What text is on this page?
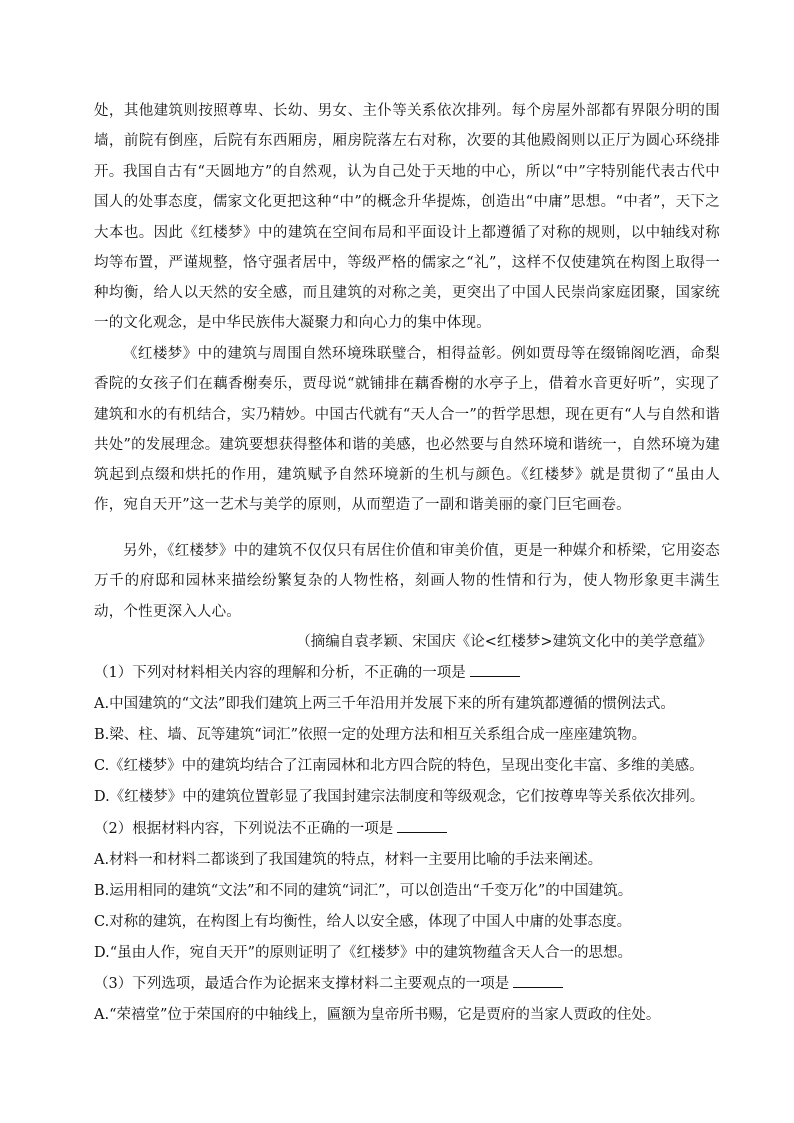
处，其他建筑则按照尊卑、长幼、男女、主仆等关系依次排列。每个房屋外部都有界限分明的围墙，前院有倒座，后院有东西厢房，厢房院落左右对称，次要的其他殿阁则以正厅为圆心环绕排开。 我国自古有“天圆地方”的自然观，认为自己处于天地的中心，所以“中”字特别能代表古代中国人的处事态度，儒家文化更把这种“中”的概念升华提炼，创造出“中庸”思想。“中者”，天下之大本也。因此《红楼梦》中的建筑在空间布局和平面设计上都遵循了对称的规则，以中轴线对称均等布置，严谨规整，恪守强者居中，等级严格的儒家之“礼”，这样不仅使建筑在构图上取得一种均衡，给人以天然的安全感，而且建筑的对称之美，更突出了中国人民崇尚家庭团聚，国家统一的文化观念，是中华民族伟大凝聚力和向心力的集中体现。

《红楼梦》中的建筑与周围自然环境珠联璧合，相得益彰。例如贾母等在缀锦阁吃酒，命梨香院的女孩子们在藕香榭奏乐，贾母说“就铺排在藕香榭的水亭子上，借着水音更好听”，实现了建筑和水的有机结合，实乃精妙。中国古代就有“天人合一”的哲学思想，现在更有“人与自然和谐共处”的发展理念。建筑要想获得整体和谐的美感，也必然要与自然环境和谐统一，自然环境为建筑起到点缀和烘托的作用，建筑赋予自然环境新的生机与颜色。《红楼梦》就是贯彻了“虽由人作，宛自天开”这一艺术与美学的原则，从而塑造了一副和谐美丽的豪门巨宅画卷。

另外，《红楼梦》中的建筑不仅仅只有居住价值和审美价值，更是一种媒介和桥梁，它用姿态万千的府邸和园林来描绘纷繁复杂的人物性格，刻画人物的性情和行为，使人物形象更丰满生动，个性更深入人心。

（摘编自袁孝颖、宋国庆《论<红楼梦>建筑文化中的美学意蕴》

（1）下列对材料相关内容的理解和分析，不正确的一项是

A.中国建筑的“文法”即我们建筑上两三千年沿用并发展下来的所有建筑都遵循的惯例法式。

B.梁、柱、墙、瓦等建筑“词汇”依照一定的处理方法和相互关系组合成一座座建筑物。

C.《红楼梦》中的建筑均结合了江南园林和北方四合院的特色，呈现出变化丰富、多维的美感。

D.《红楼梦》中的建筑位置彰显了我国封建宗法制度和等级观念，它们按尊卑等关系依次排列。

（2）根据材料内容，下列说法不正确的一项是

A.材料一和材料二都谈到了我国建筑的特点，材料一主要用比喻的手法来阐述。

B.运用相同的建筑“文法”和不同的建筑“词汇”，可以创造出“千变万化”的中国建筑。

C.对称的建筑，在构图上有均衡性，给人以安全感，体现了中国人中庸的处事态度。

D.“虽由人作，宛自天开”的原则证明了《红楼梦》中的建筑物蕴含天人合一的思想。

（3）下列选项，最适合作为论据来支撑材料二主要观点的一项是

A.“荣禧堂”位于荣国府的中轴线上，匾额为皇帝所书赐，它是贾府的当家人贾政的住处。
